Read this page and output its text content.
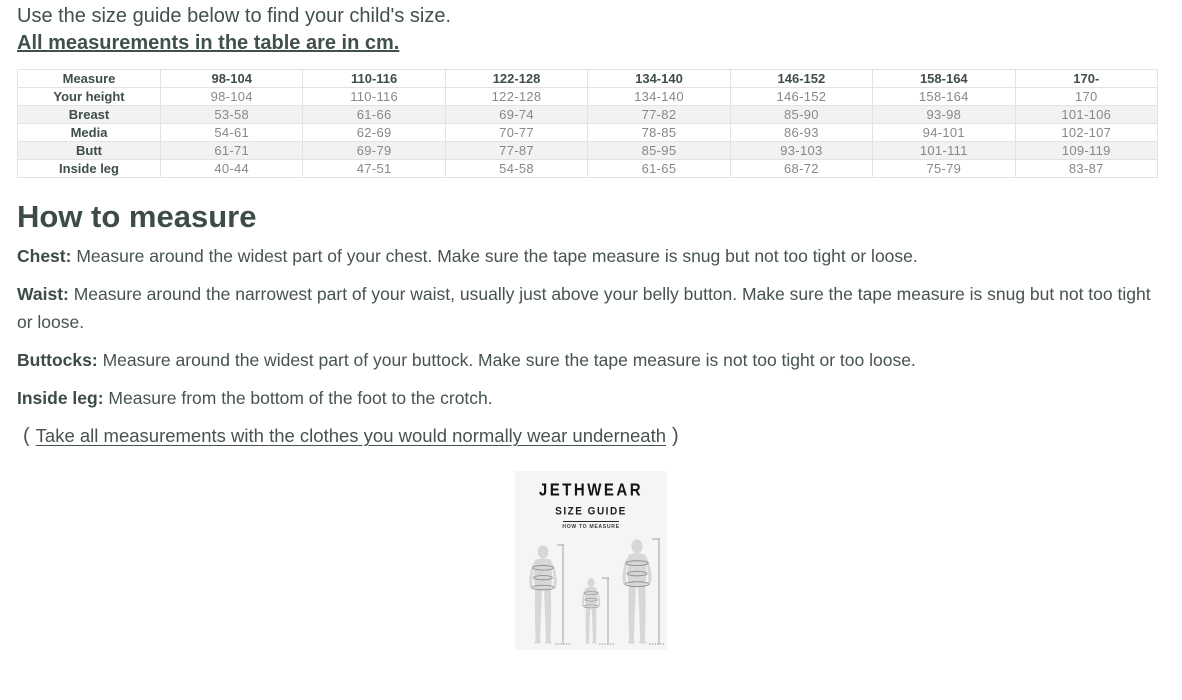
Use the size guide below to find your child's size.

All measurements in the table are in cm.

Measure	98-104	110-116	122-128	134-140	146-152	158-164	170-
Your height	98-104	110-116	122-128	134-140	146-152	158-164	170
Breast	53-58	61-66	69-74	77-82	85-90	93-98	101-106
Media	54-61	62-69	70-77	78-85	86-93	94-101	102-107
Butt	61-71	69-79	77-87	85-95	93-103	101-111	109-119
Inside leg	40-44	47-51	54-58	61-65	68-72	75-79	83-87
How to measure

Chest: Measure around the widest part of your chest. Make sure the tape measure is snug but not too tight or loose.

Waist: Measure around the narrowest part of your waist, usually just above your belly button. Make sure the tape measure is snug but not too tight or loose.

Buttocks: Measure around the widest part of your buttock. Make sure the tape measure is not too tight or too loose.

Inside leg: Measure from the bottom of the foot to the crotch.

( Take all measurements with the clothes you would normally wear underneath )
JETHWEAR
SIZE GUIDE
HOW TO MEASURE
